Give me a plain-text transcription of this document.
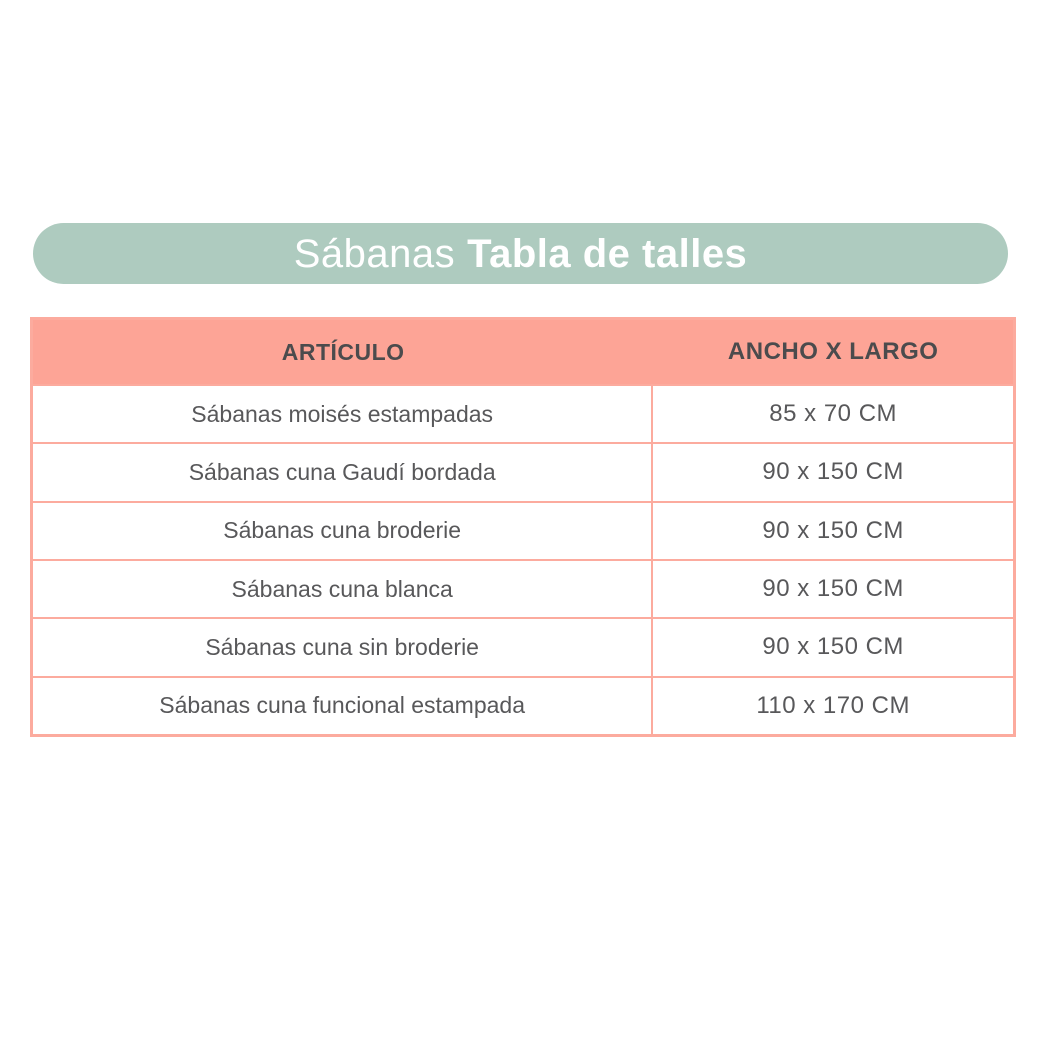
Sábanas Tabla de talles
ARTÍCULO	ANCHO X LARGO
Sábanas moisés estampadas	85 x 70 CM
Sábanas cuna Gaudí bordada	90 x 150 CM
Sábanas cuna broderie	90 x 150 CM
Sábanas cuna blanca	90 x 150 CM
Sábanas cuna sin broderie	90 x 150 CM
Sábanas cuna funcional estampada	110 x 170 CM
